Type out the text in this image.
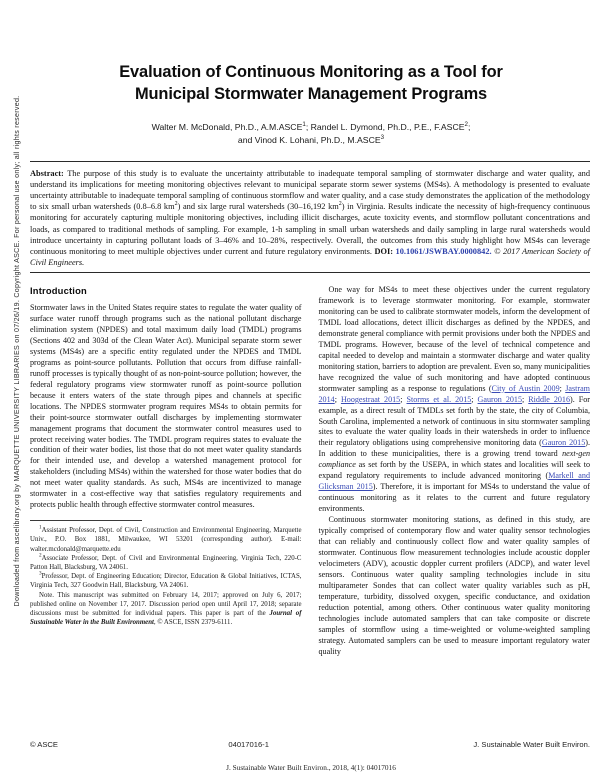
Downloaded from ascelibrary.org by MARQUETTE UNIVERSITY LIBRARIES on 07/26/19. Copyright ASCE. For personal use only; all rights reserved.
Evaluation of Continuous Monitoring as a Tool for
Municipal Stormwater Management Programs
Walter M. McDonald, Ph.D., A.M.ASCE$^1$; Randel L. Dymond, Ph.D., P.E., F.ASCE$^2$;
and Vinod K. Lohani, Ph.D., M.ASCE$^3$

Abstract: The purpose of this study is to evaluate the uncertainty attributable to inadequate temporal sampling of stormwater discharge and water quality, and understand its implications for meeting monitoring objectives relevant to municipal separate storm sewer systems (MS4s). A methodology is presented to evaluate uncertainty attributable to inadequate temporal sampling of continuous stormflow and water quality, and a case study demonstrates the application of the methodology to six small urban watersheds (0.8–6.8 $km^2$) and six large rural watersheds (30–16,192 $km^2$) in Virginia. Results indicate the necessity of high-frequency continuous monitoring for accurately capturing multiple monitoring objectives, including illicit discharges, acute toxicity events, and stormflow pollutant concentrations and loads, as compared to traditional methods of sampling. For example, 1-h sampling in small urban watersheds and daily sampling in large rural watersheds would introduce uncertainty in capturing pollutant loads of 3–46% and 10–28%, respectively. Overall, the outcomes from this study highlight how MS4s can leverage continuous monitoring to meet multiple objectives under current and future regulatory environments. DOI: 10.1061/JSWBAY.0000842. © 2017 American Society of Civil Engineers.

Introduction

Stormwater laws in the United States require states to regulate the water quality of surface water runoff through programs such as the national pollutant discharge elimination system (NPDES) and total maximum daily load (TMDL) programs (Sections 402 and 303d of the Clean Water Act). Municipal separate storm sewer systems (MS4s) are a specific entity regulated under the NPDES and TMDL programs as point-source pollutants. Pollution that occurs from diffuse rainfall-runoff processes is typically thought of as non-point-source pollution; however, the federal regulatory programs view stormwater runoff as point-source pollution because it enters waters of the state through pipes and channels at specific locations. The NPDES stormwater program requires MS4s to obtain permits for their point-source stormwater outfall discharges by implementing stormwater management programs that document the stormwater control measures used to protect receiving water bodies. The TMDL program requires states to evaluate the condition of their water bodies, list those that do not meet water quality standards for their intended use, and develop a watershed management protocol for stakeholders (including MS4s) within the watershed for those water bodies that do not meet water quality standards. As such, MS4s are incentivized to manage stormwater in a cost-effective way that satisfies regulatory requirements and protects public health through effective stormwater control measures.

$^1$Assistant Professor, Dept. of Civil, Construction and Environmental Engineering, Marquette Univ., P.O. Box 1881, Milwaukee, WI 53201 (corresponding author). E-mail: walter.mcdonald@marquette.edu

$^2$Associate Professor, Dept. of Civil and Environmental Engineering, Virginia Tech, 220-C Patton Hall, Blacksburg, VA 24061.

$^3$Professor, Dept. of Engineering Education; Director, Education & Global Initiatives, ICTAS, Virginia Tech, 327 Goodwin Hall, Blacksburg, VA 24061.

Note. This manuscript was submitted on February 14, 2017; approved on July 6, 2017; published online on November 17, 2017. Discussion period open until April 17, 2018; separate discussions must be submitted for individual papers. This paper is part of the Journal of Sustainable Water in the Built Environment, © ASCE, ISSN 2379-6111.

One way for MS4s to meet these objectives under the current regulatory framework is to leverage stormwater monitoring. For example, stormwater monitoring can be used to calibrate stormwater models, inform the development of TMDL load allocations, detect illicit discharges as defined by the NPDES, and demonstrate general compliance with permit provisions under both the NPDES and TMDL programs. However, because of the level of technical competence and capital needed to develop and maintain a stormwater discharge and water quality monitoring station, barriers to adoption are prevalent. Even so, many municipalities have recognized the value of such monitoring and have adopted continuous stormwater sampling as a response to regulations (City of Austin 2009; Jastram 2014; Hoogestraat 2015; Storms et al. 2015; Gauron 2015; Riddle 2016). For example, as a direct result of TMDLs set forth by the state, the city of Columbia, South Carolina, implemented a network of continuous in situ stormwater sampling sites to evaluate the water quality loads in their watersheds in order to influence their regulatory obligations using comprehensive monitoring data (Gauron 2015). In addition to these municipalities, there is a growing trend toward next-gen compliance as set forth by the USEPA, in which states and localities will seek to expand regulatory requirements to include advanced monitoring (Markell and Glicksman 2015). Therefore, it is important for MS4s to understand the value of continuous monitoring as it relates to the current and future regulatory environments.

Continuous stormwater monitoring stations, as defined in this study, are typically comprised of contemporary flow and water quality sensor technologies that can reliably and continuously collect flow and water quality samples of stormwater. Continuous flow measurement technologies include acoustic doppler velocimeters (ADV), acoustic doppler current profilers (ADCP), and water level sensors. Continuous water quality sampling technologies include in situ multiparameter Sondes that can collect water quality variables such as pH, temperature, turbidity, dissolved oxygen, specific conductance, and oxidation reduction potential, among others. Other continuous water quality monitoring technologies include automated samplers that can take composite or discrete samples of stormflow using a time-weighted or volume-weighted sampling strategy. Automated samplers can be used to measure important regulatory water quality

© ASCE	04017016-1	J. Sustainable Water Built Environ.
J. Sustainable Water Built Environ., 2018, 4(1): 04017016
